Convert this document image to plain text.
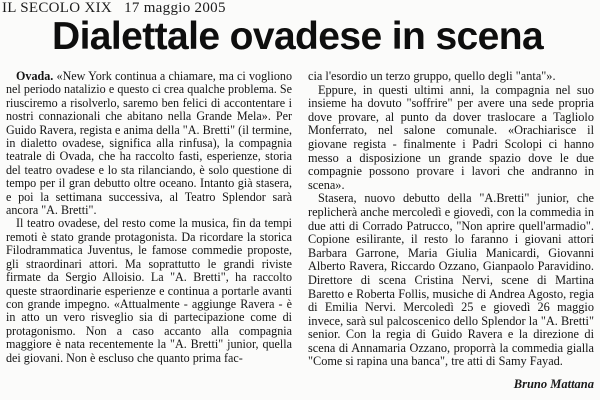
IL SECOLO XIX 17 maggio 2005
Dialettale ovadese in scena

Ovada. «New York continua a chiamare, ma ci vogliono nel periodo natalizio e questo ci crea qualche problema. Se riusciremo a risolverlo, saremo ben felici di accontentare i nostri connazionali che abitano nella Grande Mela». Per Guido Ravera, regista e anima della "A. Bretti" (il termine, in dialetto ovadese, significa alla rinfusa), la compagnia teatrale di Ovada, che ha raccolto fasti, esperienze, storia del teatro ovadese e lo sta rilanciando, è solo questione di tempo per il gran debutto oltre oceano. Intanto già stasera, e poi la settimana successiva, al Teatro Splendor sarà ancora "A. Bretti".

Il teatro ovadese, del resto come la musica, fin da tempi remoti è stato grande protagonista. Da ricordare la storica Filodrammatica Juventus, le famose commedie proposte, gli straordinari attori. Ma soprattutto le grandi riviste firmate da Sergio Alloisio. La "A. Bretti", ha raccolto queste straordinarie esperienze e continua a portarle avanti con grande impegno. «Attualmente - aggiunge Ravera - è in atto un vero risveglio sia di partecipazione come di protagonismo. Non a caso accanto alla compagnia maggiore è nata recentemente la "A. Bretti" junior, quella dei giovani. Non è escluso che quanto prima fac-

cia l'esordio un terzo gruppo, quello degli "anta"».

Eppure, in questi ultimi anni, la compagnia nel suo insieme ha dovuto "soffrire" per avere una sede propria dove provare, al punto da dover traslocare a Tagliolo Monferrato, nel salone comunale. «Orachiarisce il giovane regista - finalmente i Padri Scolopi ci hanno messo a disposizione un grande spazio dove le due compagnie possono provare i lavori che andranno in scena».

Stasera, nuovo debutto della "A.Bretti" junior, che replicherà anche mercoledì e giovedì, con la commedia in due atti di Corrado Patrucco, "Non aprire quell'armadio". Copione esilirante, il resto lo faranno i giovani attori Barbara Garrone, Maria Giulia Manicardi, Giovanni Alberto Ravera, Riccardo Ozzano, Gianpaolo Paravidino. Direttore di scena Cristina Nervi, scene di Martina Baretto e Roberta Follis, musiche di Andrea Agosto, regia di Emilia Nervi. Mercoledì 25 e giovedì 26 maggio invece, sarà sul palcoscenico dello Splendor la "A. Bretti" senior. Con la regia di Guido Ravera e la direzione di scena di Annamaria Ozzano, proporrà la commedia gialla "Come si rapina una banca", tre atti di Samy Fayad.

Bruno Mattana
